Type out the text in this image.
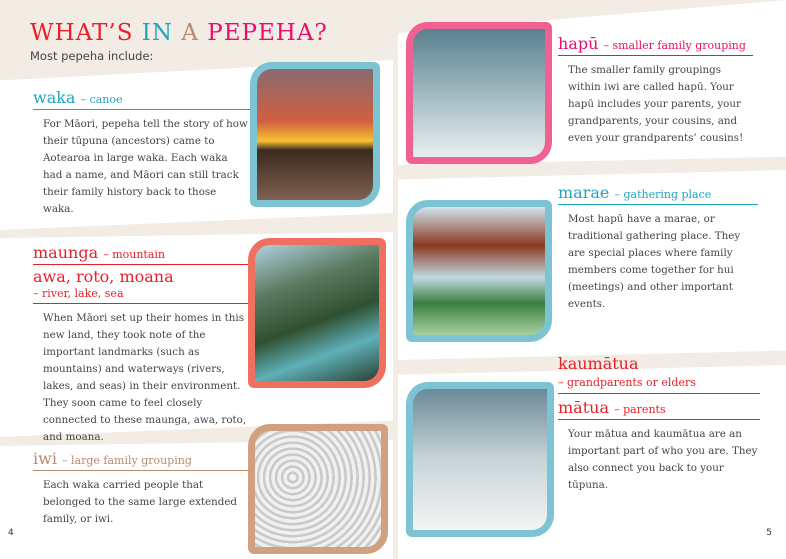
WHAT’S IN A PEPEHA?
Most pepeha include:
waka – canoe
For Māori, pepeha tell the story of how their tūpuna (ancestors) came to Aotearoa in large waka. Each waka had a name, and Māori can still track their family history back to those waka.
maunga – mountain
awa, roto, moana
– river, lake, sea
When Māori set up their homes in this new land, they took note of the important landmarks (such as mountains) and waterways (rivers, lakes, and seas) in their environment. They soon came to feel closely connected to these maunga, awa, roto, and moana.
iwi – large family grouping
Each waka carried people that belonged to the same large extended family, or iwi.
hapū – smaller family grouping
The smaller family groupings within iwi are called hapū. Your hapū includes your parents, your grandparents, your cousins, and even your grandparents’ cousins!
marae – gathering place
Most hapū have a marae, or traditional gathering place. They are special places where family members come together for hui (meetings) and other important events.
kaumātua
– grandparents or elders
mātua – parents
Your mātua and kaumātua are an important part of who you are. They also connect you back to your tūpuna.
4	5
